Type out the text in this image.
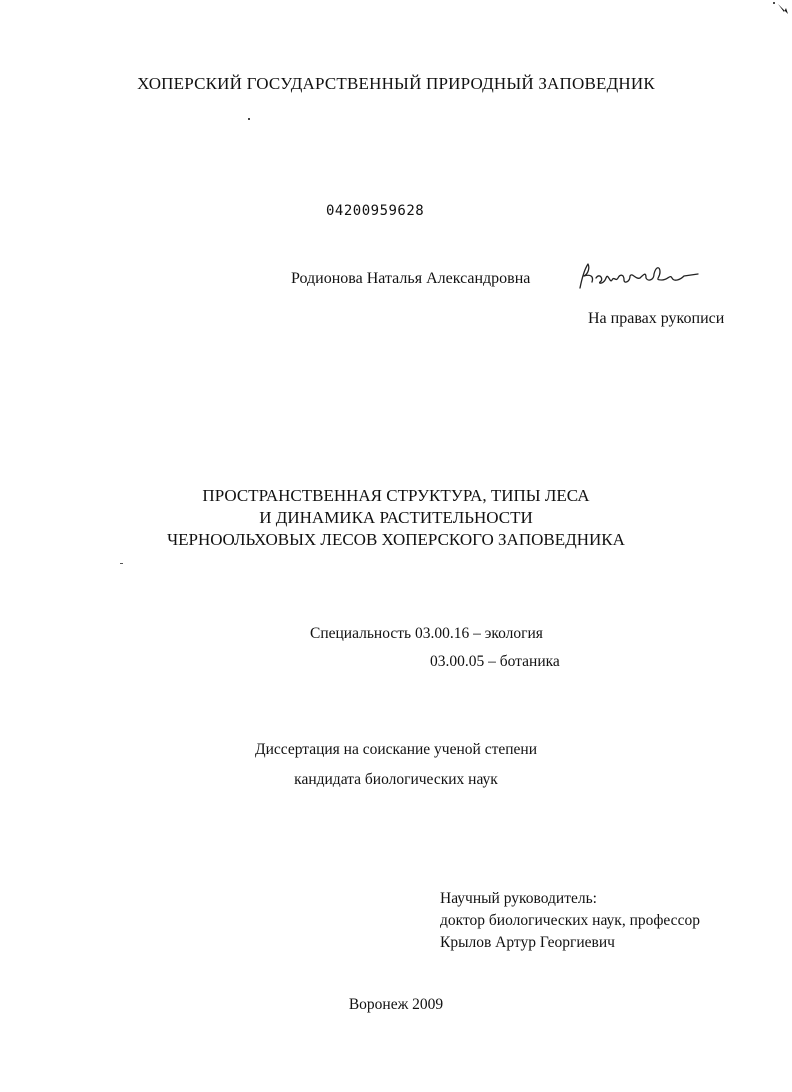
ХОПЕРСКИЙ ГОСУДАРСТВЕННЫЙ ПРИРОДНЫЙ ЗАПОВЕДНИК
04200959628
Родионова Наталья Александровна
На правах рукописи
ПРОСТРАНСТВЕННАЯ СТРУКТУРА, ТИПЫ ЛЕСА
И ДИНАМИКА РАСТИТЕЛЬНОСТИ
ЧЕРНООЛЬХОВЫХ ЛЕСОВ ХОПЕРСКОГО ЗАПОВЕДНИКА
Специальность 03.00.16 – экология
03.00.05 – ботаника
Диссертация на соискание ученой степени
кандидата биологических наук
Научный руководитель:
доктор биологических наук, профессор
Крылов Артур Георгиевич
Воронеж 2009
